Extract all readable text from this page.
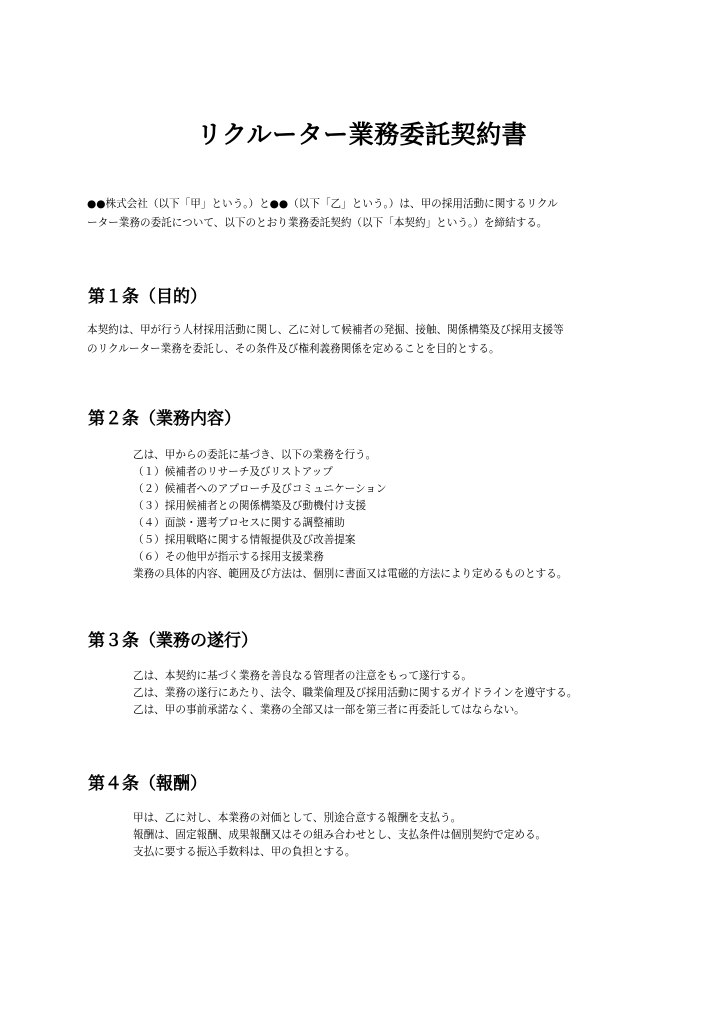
リクルーター業務委託契約書
●●株式会社（以下「甲」という。）と●●（以下「乙」という。）は、甲の採用活動に関するリクル
ーター業務の委託について、以下のとおり業務委託契約（以下「本契約」という。）を締結する。
第１条（目的）
本契約は、甲が行う人材採用活動に関し、乙に対して候補者の発掘、接触、関係構築及び採用支援等
のリクルーター業務を委託し、その条件及び権利義務関係を定めることを目的とする。
第２条（業務内容）
乙は、甲からの委託に基づき、以下の業務を行う。
（１）候補者のリサーチ及びリストアップ
（２）候補者へのアプローチ及びコミュニケーション
（３）採用候補者との関係構築及び動機付け支援
（４）面談・選考プロセスに関する調整補助
（５）採用戦略に関する情報提供及び改善提案
（６）その他甲が指示する採用支援業務
業務の具体的内容、範囲及び方法は、個別に書面又は電磁的方法により定めるものとする。
第３条（業務の遂行）
乙は、本契約に基づく業務を善良なる管理者の注意をもって遂行する。
乙は、業務の遂行にあたり、法令、職業倫理及び採用活動に関するガイドラインを遵守する。
乙は、甲の事前承諾なく、業務の全部又は一部を第三者に再委託してはならない。
第４条（報酬）
甲は、乙に対し、本業務の対価として、別途合意する報酬を支払う。
報酬は、固定報酬、成果報酬又はその組み合わせとし、支払条件は個別契約で定める。
支払に要する振込手数料は、甲の負担とする。
